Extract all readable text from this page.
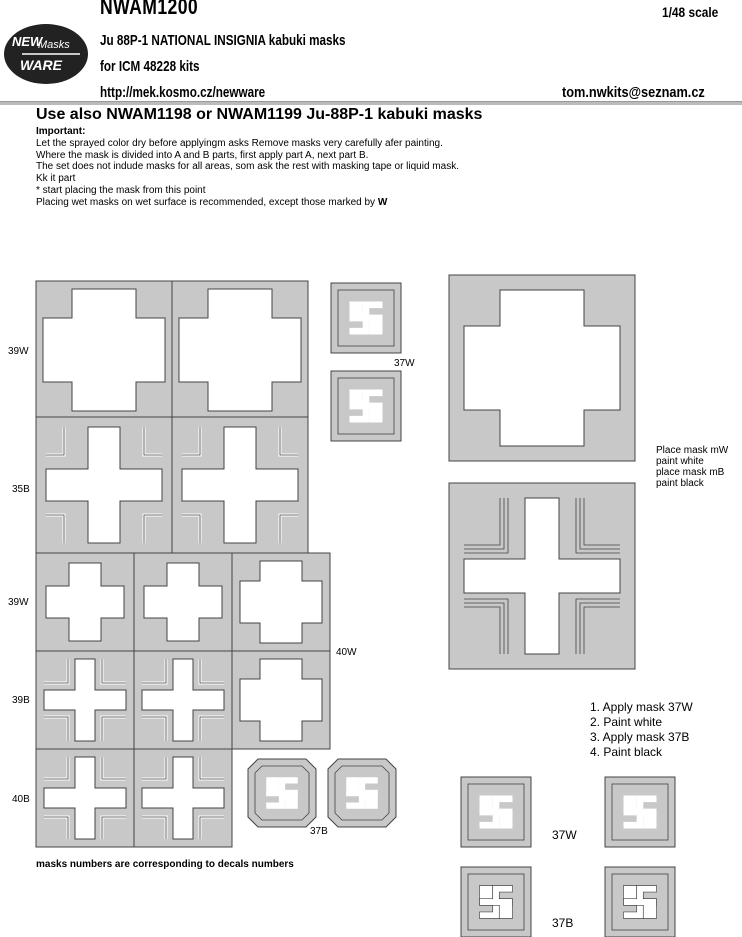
NEW
Masks
WARE
NWAM1200	1/48 scale
Ju 88P-1 NATIONAL INSIGNIA kabuki masks
for ICM 48228 kits
http://mek.kosmo.cz/newware	tom.nwkits@seznam.cz
Use also NWAM1198 or NWAM1199 Ju-88P-1 kabuki masks
Important:
Let the sprayed color dry before applyingm asks Remove masks very carefully afer painting.
Where the mask is divided into A and B parts, first apply part A, next part B.
The set does not indude masks for all areas, som ask the rest with masking tape or liquid mask.
Kk it part
* start placing the mask from this point
Placing wet masks on wet surface is recommended, except those marked by W
39W
35B
39W
39B
40B
40W
37W
37B	37W
37B
Place mask mW
paint white
place mask mB
paint black
1. Apply mask 37W
2. Paint white
3. Apply mask 37B
4. Paint black
masks numbers are corresponding to decals numbers
